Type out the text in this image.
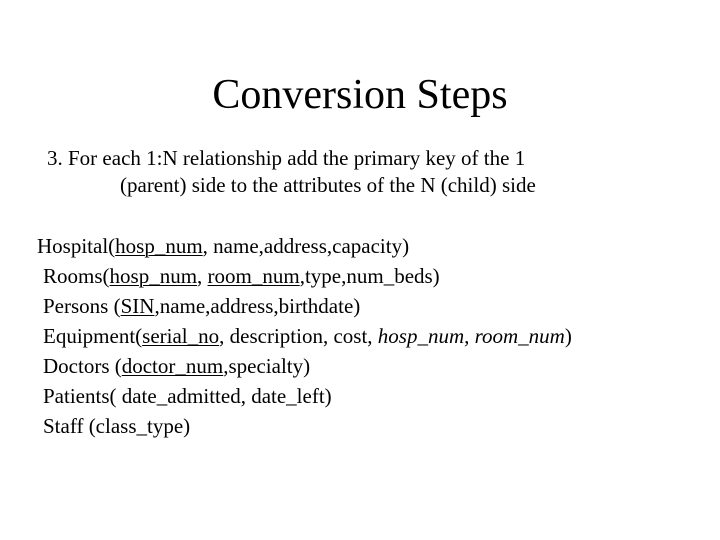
Conversion Steps
3. For each 1:N relationship add the primary key of the 1
(parent) side to the attributes of the N (child) side
Hospital(hosp_num, name,address,capacity)
Rooms(hosp_num, room_num,type,num_beds)
Persons (SIN,name,address,birthdate)
Equipment(serial_no, description, cost, hosp_num, room_num)
Doctors (doctor_num,specialty)
Patients( date_admitted, date_left)
Staff (class_type)
